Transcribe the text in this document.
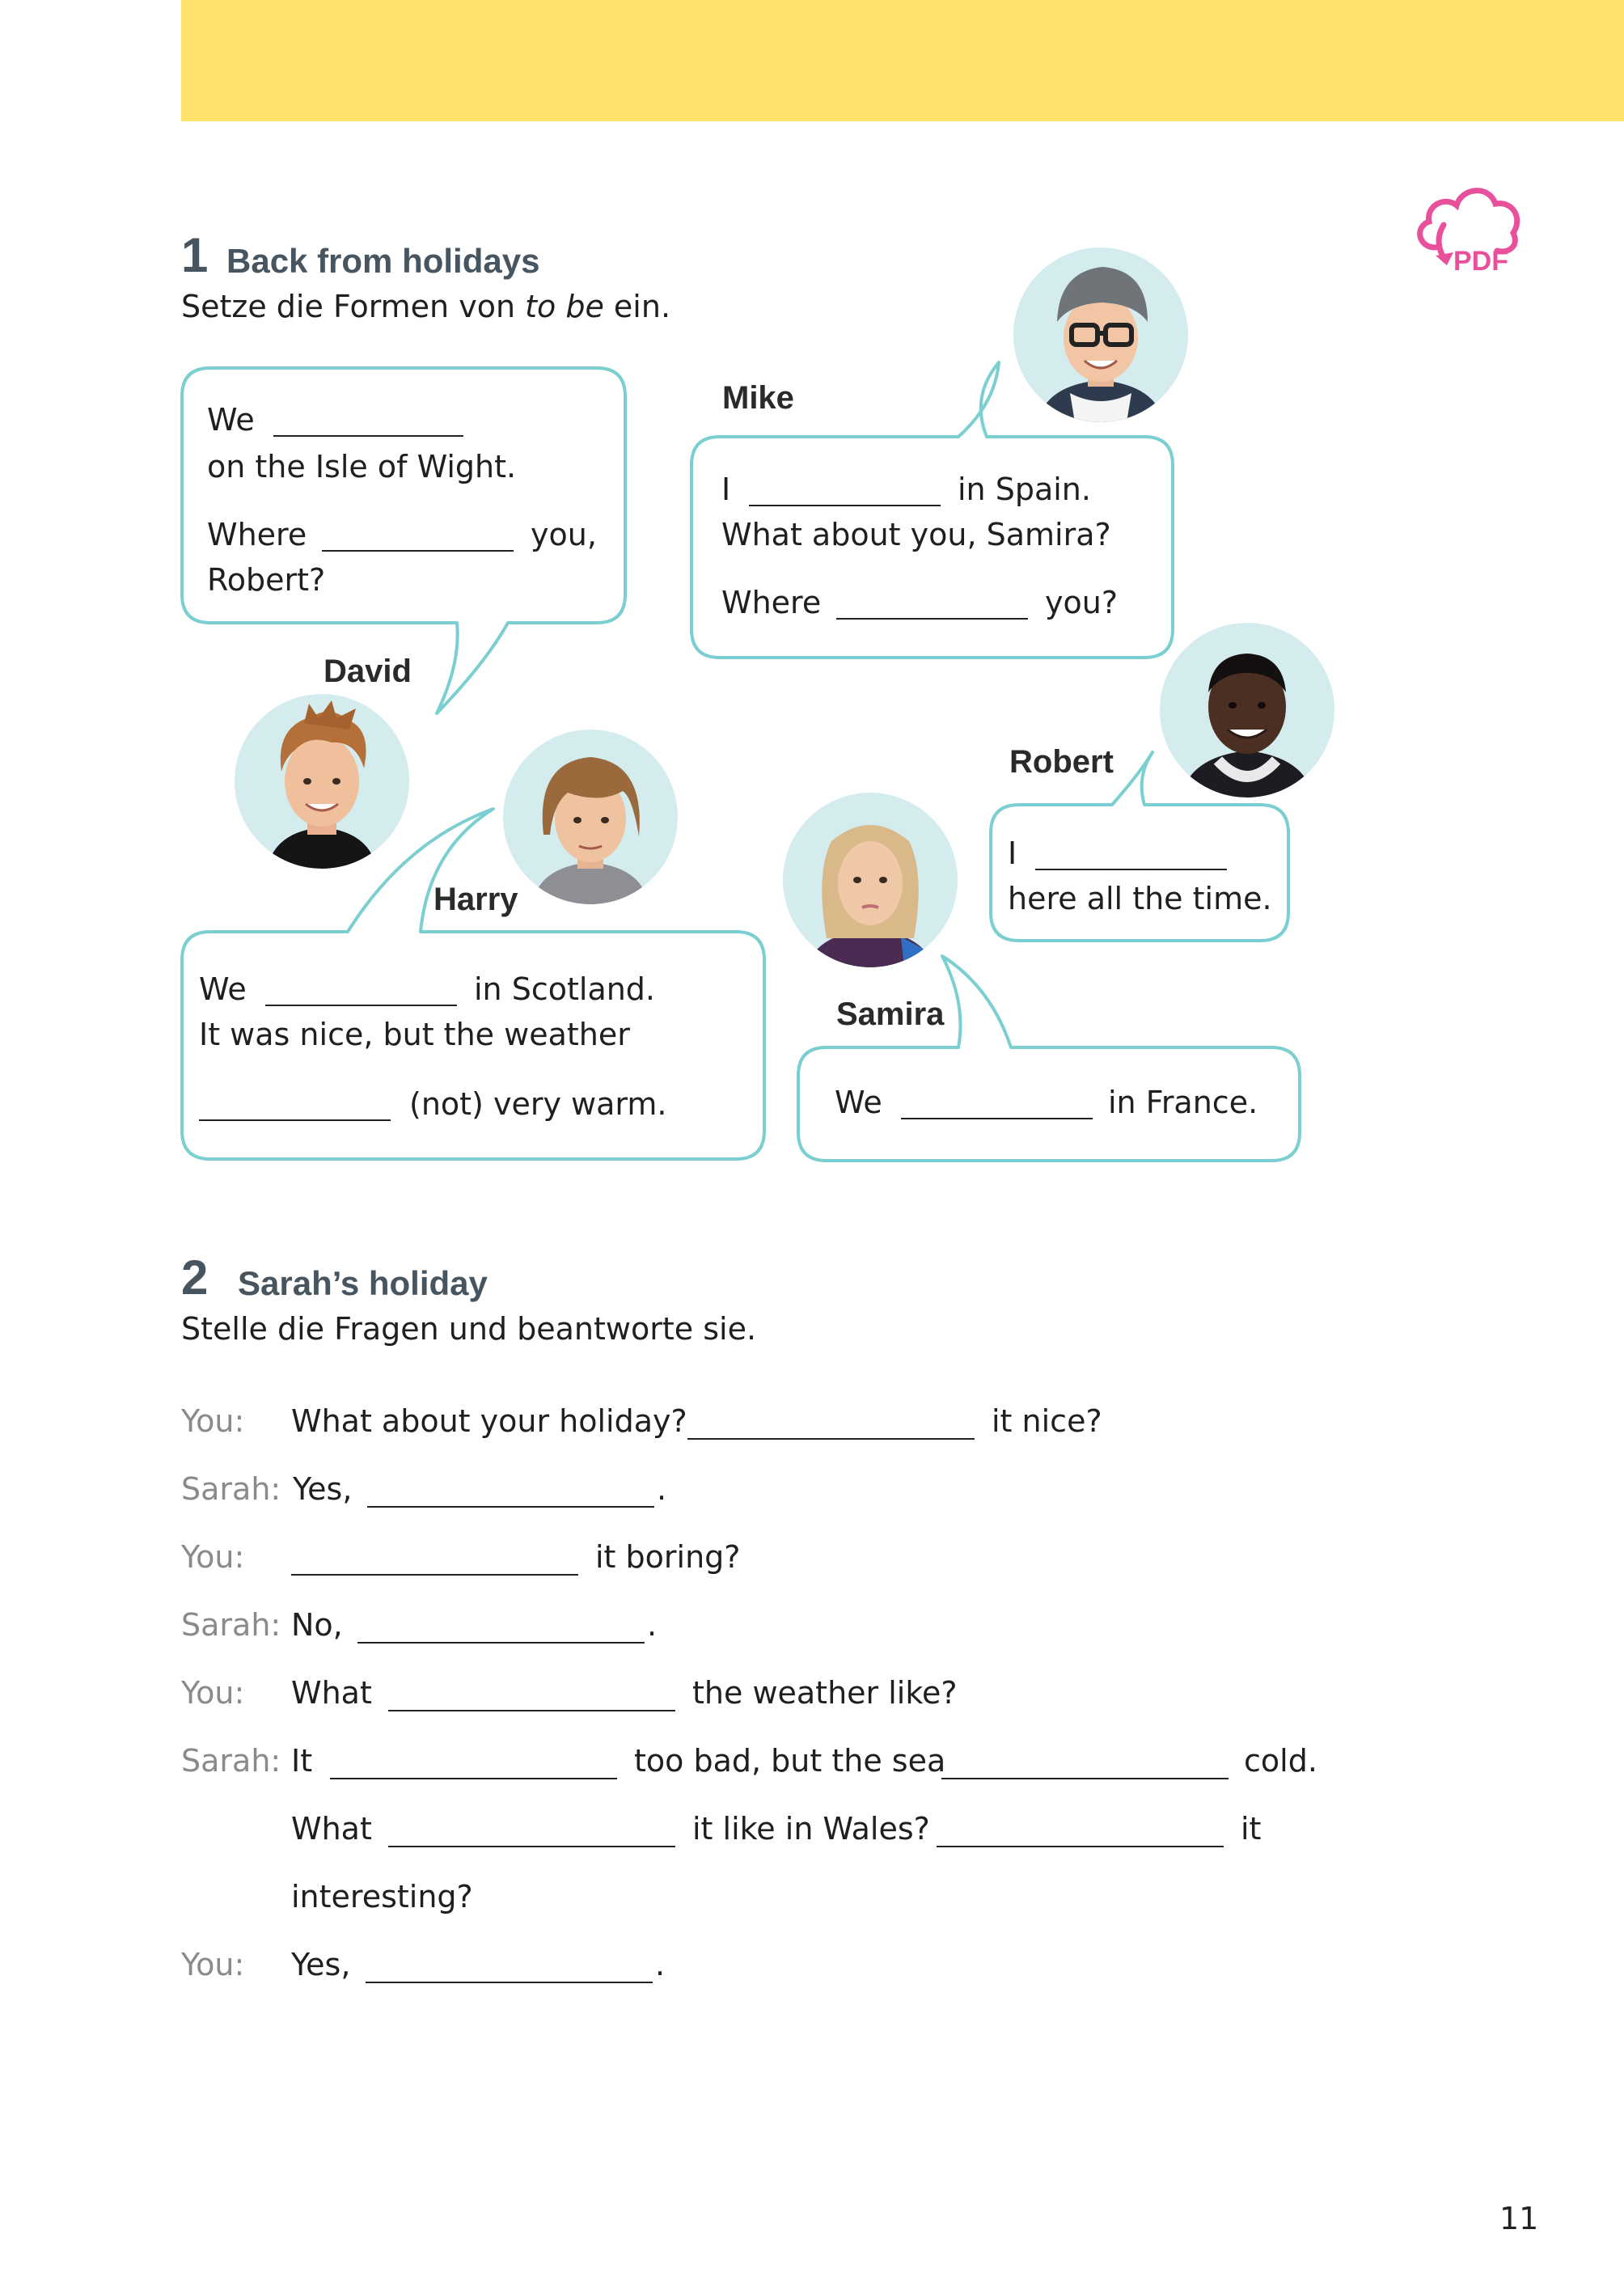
PDF
1 Back from holidays
Setze die Formen von to be ein.
We
on the Isle of Wight.
Where	you,
Robert?
David
Mike
I	in Spain.
What about you, Samira?
Where	you?
Robert
I
here all the time.
Harry
We	in Scotland.
It was nice, but the weather
(not) very warm.
Samira
We	in France.
2 Sarah’s holiday
Stelle die Fragen und beantworte sie.
You: What about your holiday?	it nice?
Sarah: Yes,	.
You:	it boring?
Sarah: No,	.
You: What	the weather like?
Sarah: It	too bad, but the sea	cold.
What	it like in Wales?	it
interesting?
You: Yes,	.
11
